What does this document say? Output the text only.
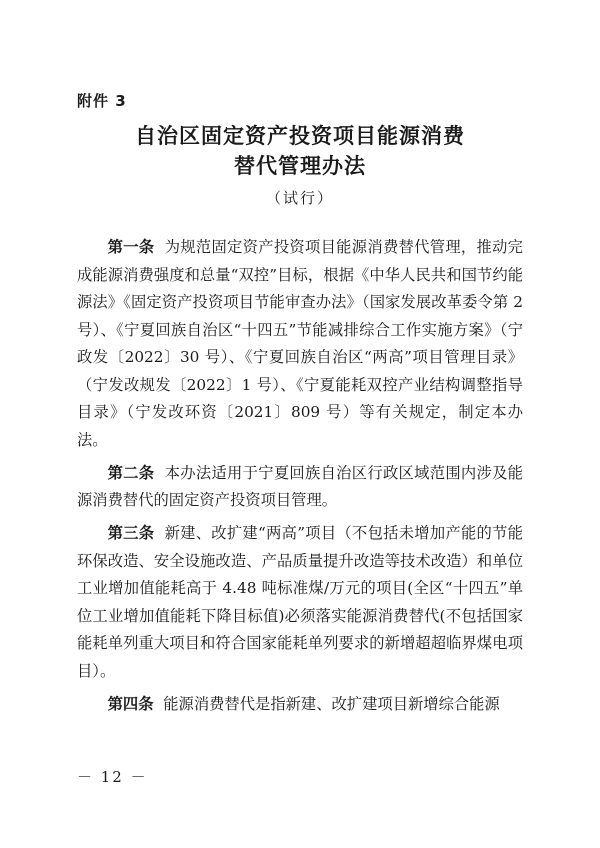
附件 3
自治区固定资产投资项目能源消费
替代管理办法
（试行）

第一条 为规范固定资产投资项目能源消费替代管理，推动完成能源消费强度和总量“双控”目标，根据《中华人民共和国节约能源法》《固定资产投资项目节能审查办法》（国家发展改革委令第 2 号）、《宁夏回族自治区“十四五”节能减排综合工作实施方案》（宁政发〔2022〕30 号）、《宁夏回族自治区“两高”项目管理目录》（宁发改规发〔2022〕1 号）、《宁夏能耗双控产业结构调整指导目录》（宁发改环资〔2021〕809 号）等有关规定，制定本办法。

第二条 本办法适用于宁夏回族自治区行政区域范围内涉及能源消费替代的固定资产投资项目管理。

第三条 新建、改扩建“两高”项目（不包括未增加产能的节能环保改造、安全设施改造、产品质量提升改造等技术改造）和单位工业增加值能耗高于 4.48 吨标准煤/万元的项目(全区“十四五”单位工业增加值能耗下降目标值)必须落实能源消费替代(不包括国家能耗单列重大项目和符合国家能耗单列要求的新增超超临界煤电项目）。

第四条 能源消费替代是指新建、改扩建项目新增综合能源

－ 12 －
